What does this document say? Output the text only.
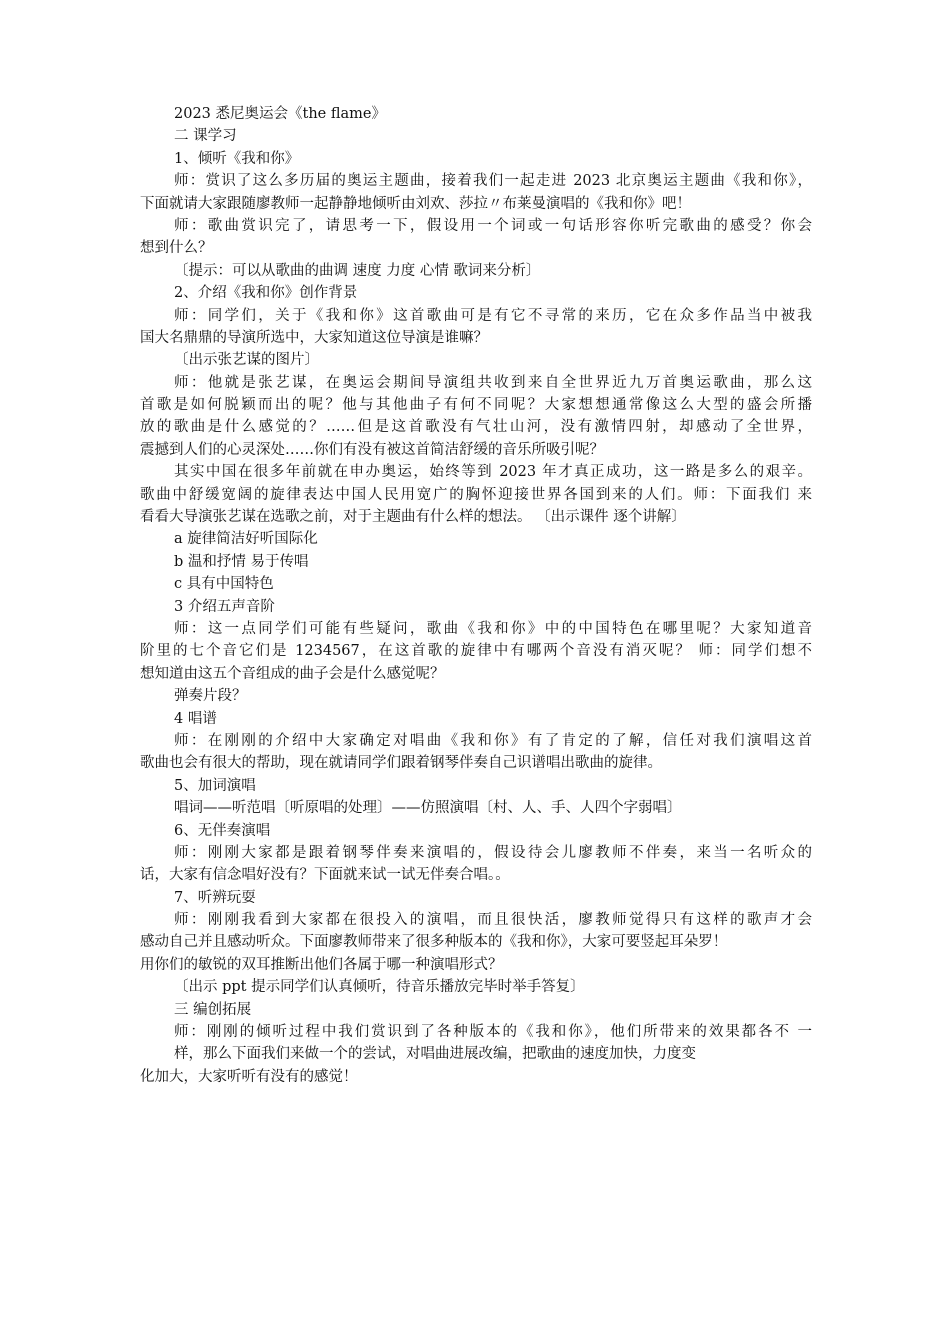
2023 悉尼奥运会《the flame》
二 课学习
1、倾听《我和你》
师：赏识了这么多历届的奥运主题曲，接着我们一起走进 2023 北京奥运主题曲《我和你》，
下面就请大家跟随廖教师一起静静地倾听由刘欢、莎拉〃布莱曼演唱的《我和你》吧！
师：歌曲赏识完了，请思考一下，假设用一个词或一句话形容你听完歌曲的感受？你会
想到什么？
〔提示：可以从歌曲的曲调 速度 力度 心情 歌词来分析〕
2、介绍《我和你》创作背景
师：同学们，关于《我和你》这首歌曲可是有它不寻常的来历，它在众多作品当中被我
国大名鼎鼎的导演所选中，大家知道这位导演是谁嘛？
〔出示张艺谋的图片〕
师：他就是张艺谋，在奥运会期间导演组共收到来自全世界近九万首奥运歌曲，那么这
首歌是如何脱颖而出的呢？他与其他曲子有何不同呢？大家想想通常像这么大型的盛会所播
放的歌曲是什么感觉的？……但是这首歌没有气壮山河，没有激情四射，却感动了全世界，
震撼到人们的心灵深处……你们有没有被这首简洁舒缓的音乐所吸引呢？
其实中国在很多年前就在申办奥运，始终等到 2023 年才真正成功，这一路是多么的艰辛。
歌曲中舒缓宽阔的旋律表达中国人民用宽广的胸怀迎接世界各国到来的人们。师：下面我们 来
看看大导演张艺谋在选歌之前，对于主题曲有什么样的想法。 〔出示课件 逐个讲解〕
a 旋律简洁好听国际化
b 温和抒情 易于传唱
c 具有中国特色
3 介绍五声音阶
师：这一点同学们可能有些疑问，歌曲《我和你》中的中国特色在哪里呢？大家知道音
阶里的七个音它们是 1234567，在这首歌的旋律中有哪两个音没有消灭呢？ 师：同学们想不
想知道由这五个音组成的曲子会是什么感觉呢？
弹奏片段？
4 唱谱
师：在刚刚的介绍中大家确定对唱曲《我和你》有了肯定的了解，信任对我们演唱这首
歌曲也会有很大的帮助，现在就请同学们跟着钢琴伴奏自己识谱唱出歌曲的旋律。
5、加词演唱
唱词——听范唱〔听原唱的处理〕——仿照演唱〔村、人、手、人四个字弱唱〕
6、无伴奏演唱
师：刚刚大家都是跟着钢琴伴奏来演唱的，假设待会儿廖教师不伴奏，来当一名听众的
话，大家有信念唱好没有？下面就来试一试无伴奏合唱。。
7、听辨玩耍
师：刚刚我看到大家都在很投入的演唱，而且很快活，廖教师觉得只有这样的歌声才会
感动自己并且感动听众。下面廖教师带来了很多种版本的《我和你》，大家可要竖起耳朵罗！
用你们的敏锐的双耳推断出他们各属于哪一种演唱形式？
〔出示 ppt 提示同学们认真倾听，待音乐播放完毕时举手答复〕
三 编创拓展
师：刚刚的倾听过程中我们赏识到了各种版本的《我和你》，他们所带来的效果都各不 一
样，那么下面我们来做一个的尝试，对唱曲进展改编，把歌曲的速度加快，力度变
化加大，大家听听有没有的感觉！
